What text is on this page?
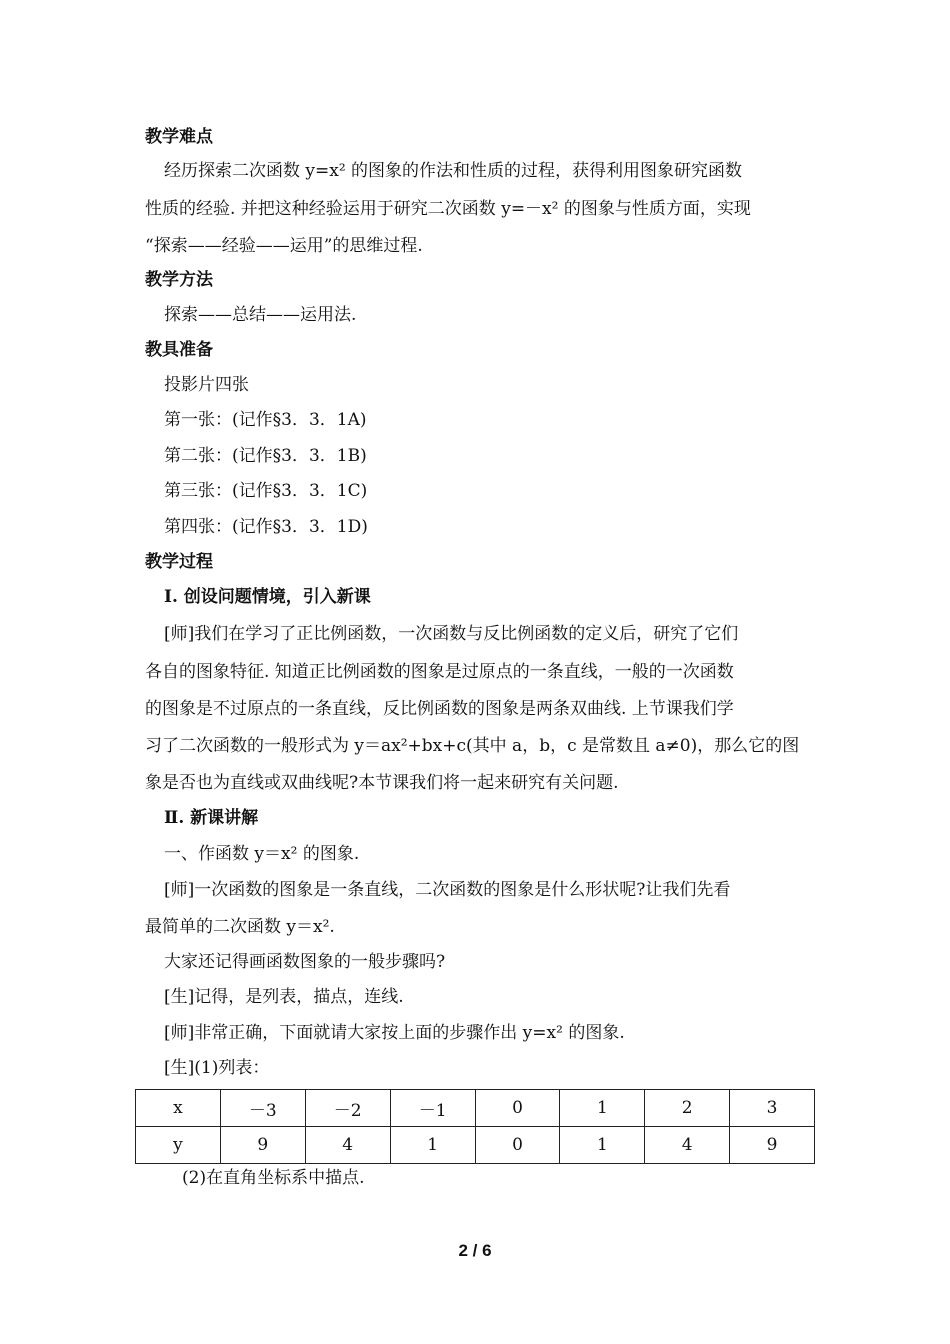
教学难点
经历探索二次函数 y=x² 的图象的作法和性质的过程，获得利用图象研究函数
性质的经验. 并把这种经验运用于研究二次函数 y=－x² 的图象与性质方面，实现
“探索——经验——运用”的思维过程.
教学方法
探索——总结——运用法.
教具准备
投影片四张
第一张：(记作§3．3．1A)
第二张：(记作§3．3．1B)
第三张：(记作§3．3．1C)
第四张：(记作§3．3．1D)
教学过程
Ⅰ. 创设问题情境，引入新课
[师]我们在学习了正比例函数，一次函数与反比例函数的定义后，研究了它们
各自的图象特征. 知道正比例函数的图象是过原点的一条直线，一般的一次函数
的图象是不过原点的一条直线，反比例函数的图象是两条双曲线. 上节课我们学
习了二次函数的一般形式为 y＝ax²+bx+c(其中 a，b，c 是常数且 a≠0)，那么它的图
象是否也为直线或双曲线呢?本节课我们将一起来研究有关问题.
Ⅱ. 新课讲解
一、作函数 y＝x² 的图象.
[师]一次函数的图象是一条直线，二次函数的图象是什么形状呢?让我们先看
最简单的二次函数 y＝x².
大家还记得画函数图象的一般步骤吗?
[生]记得，是列表，描点，连线.
[师]非常正确，下面就请大家按上面的步骤作出 y=x² 的图象.
[生](1)列表：
x	－3	－2	－1	0	1	2	3
y	9	4	1	0	1	4	9
(2)在直角坐标系中描点.
2 / 6
